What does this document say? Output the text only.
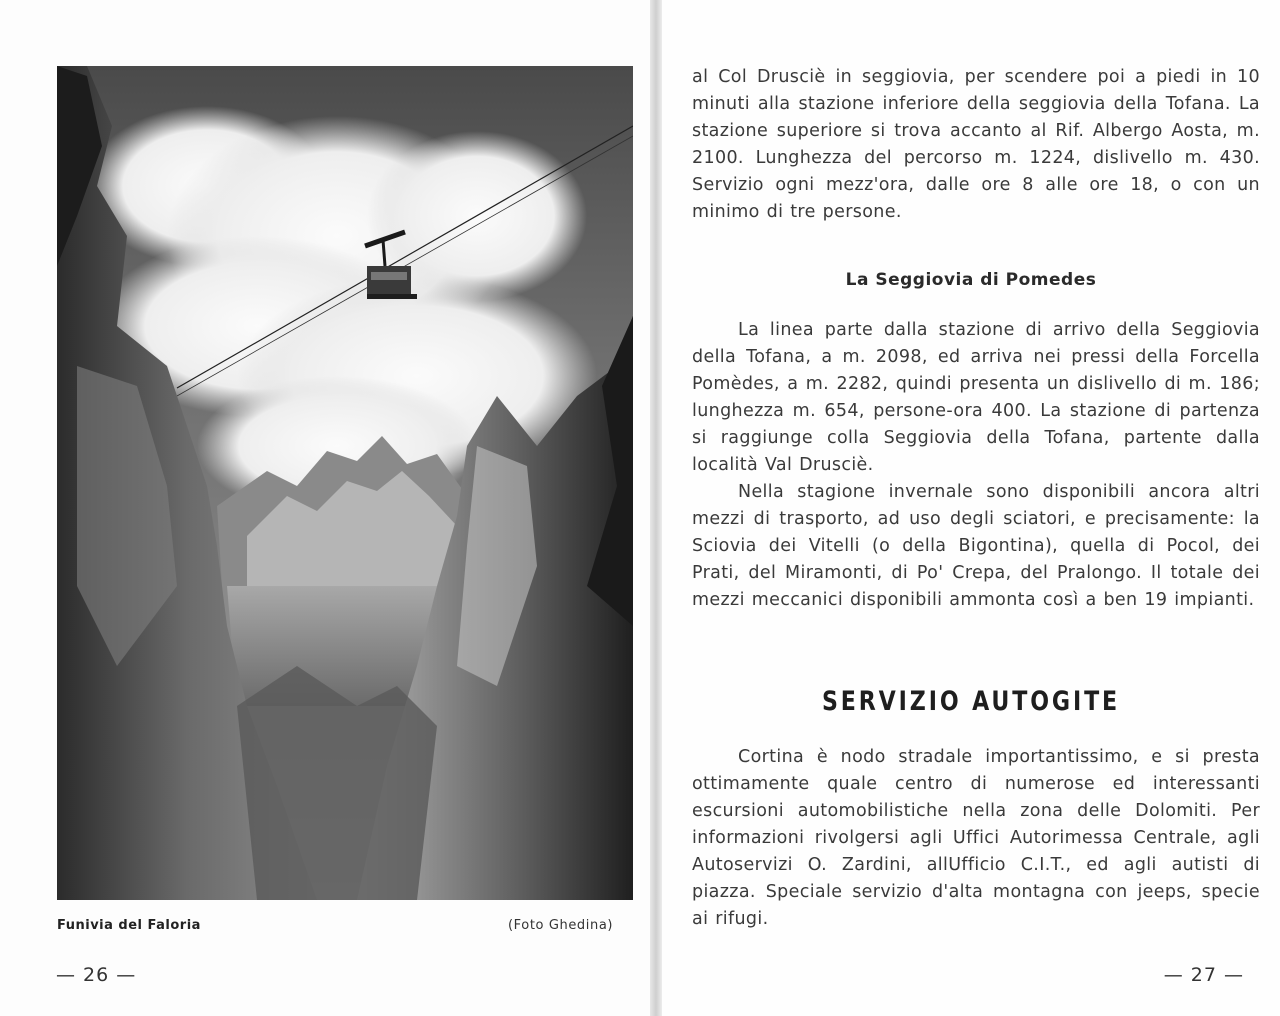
Funivia del Faloria	(Foto Ghedina)
— 26 —

al Col Drusciè in seggiovia, per scendere poi a piedi in 10 minuti alla stazione inferiore della seggiovia della Tofana. La stazione superiore si trova accanto al Rif. Albergo Aosta, m. 2100. Lunghezza del percorso m. 1224, dislivello m. 430. Servizio ogni mezz'ora, dalle ore 8 alle ore 18, o con un minimo di tre persone.

La Seggiovia di Pomedes

La linea parte dalla stazione di arrivo della Seggiovia della Tofana, a m. 2098, ed arriva nei pressi della Forcella Pomèdes, a m. 2282, quindi presenta un dislivello di m. 186; lunghezza m. 654, persone-ora 400. La stazione di partenza si raggiunge colla Seggiovia della Tofana, partente dalla località Val Drusciè.

Nella stagione invernale sono disponibili ancora altri mezzi di trasporto, ad uso degli sciatori, e precisamente: la Sciovia dei Vitelli (o della Bigontina), quella di Pocol, dei Prati, del Miramonti, di Po' Crepa, del Pralongo. Il totale dei mezzi meccanici disponibili ammonta così a ben 19 impianti.

SERVIZIO AUTOGITE

Cortina è nodo stradale importantissimo, e si presta ottimamente quale centro di numerose ed interessanti escursioni automobilistiche nella zona delle Dolomiti. Per informazioni rivolgersi agli Uffici Autorimessa Centrale, agli Autoservizi O. Zardini, allUfficio C.I.T., ed agli autisti di piazza. Speciale servizio d'alta montagna con jeeps, specie ai rifugi.

— 27 —
